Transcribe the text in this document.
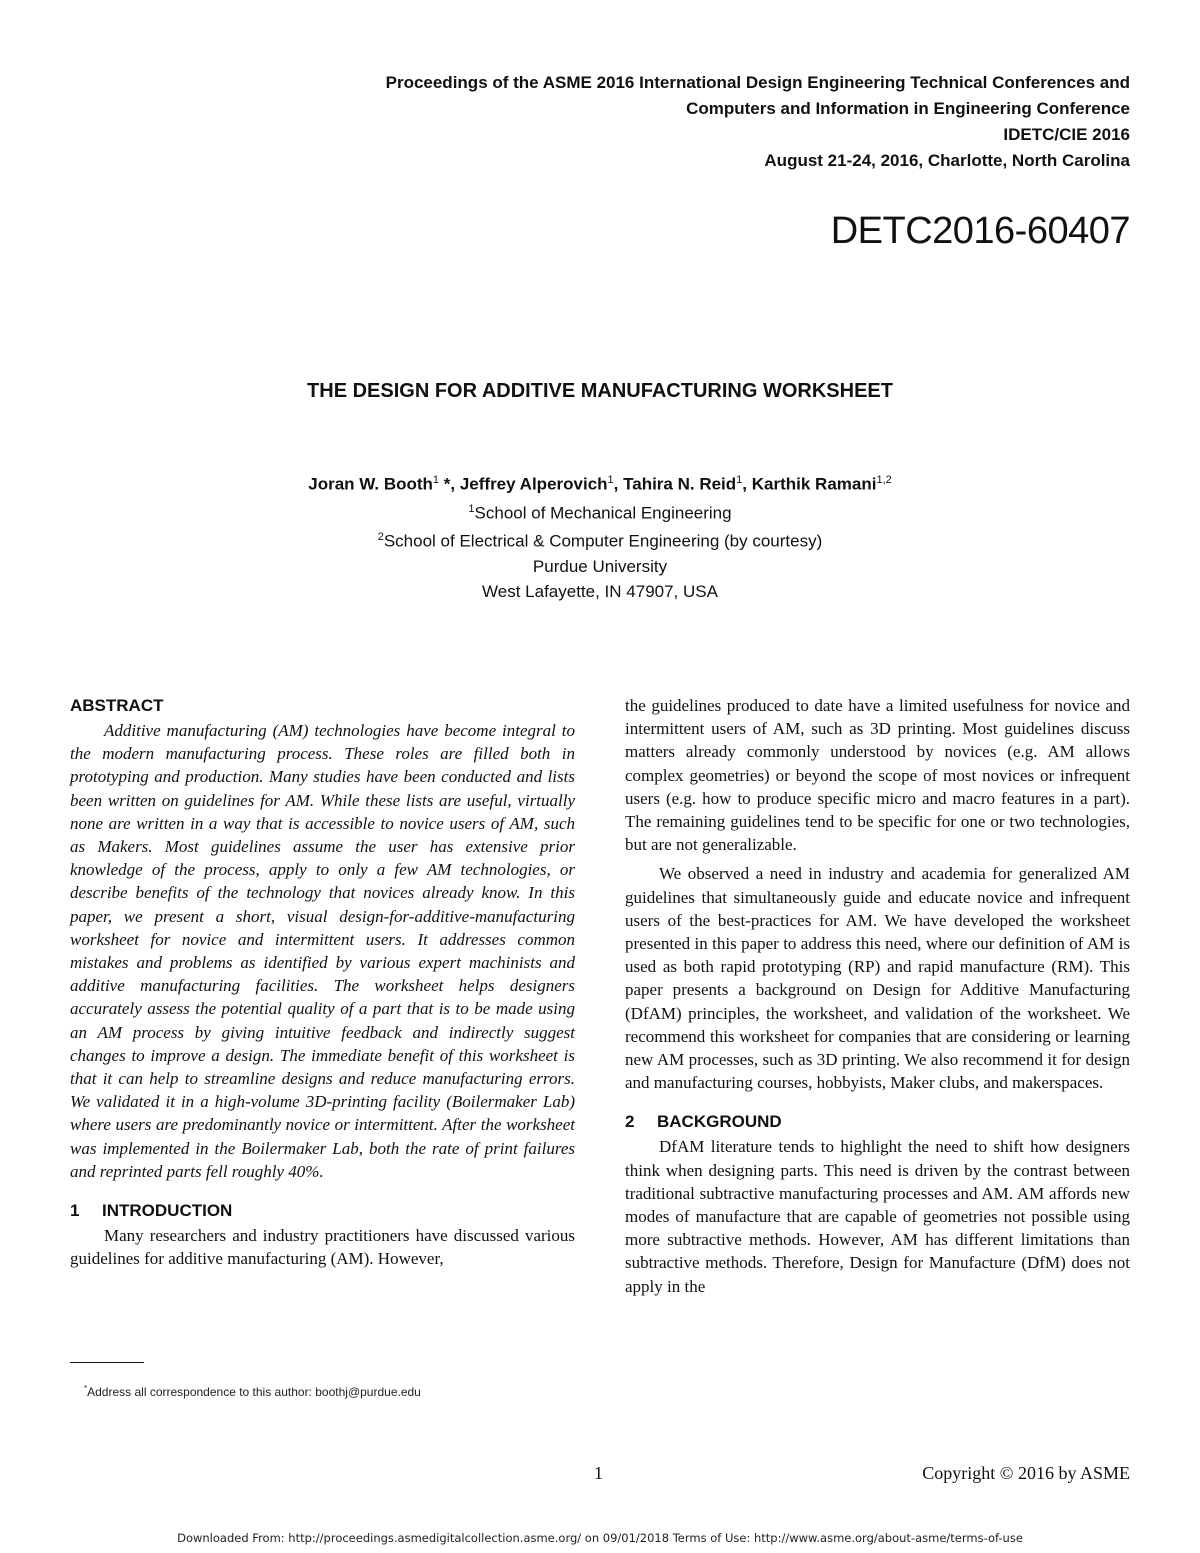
Proceedings of the ASME 2016 International Design Engineering Technical Conferences and
Computers and Information in Engineering Conference
IDETC/CIE 2016
August 21-24, 2016, Charlotte, North Carolina
DETC2016-60407
THE DESIGN FOR ADDITIVE MANUFACTURING WORKSHEET
Joran W. Booth$^1$ *, Jeffrey Alperovich$^1$, Tahira N. Reid$^1$, Karthik Ramani$^{1,2}$
$^1$School of Mechanical Engineering
$^2$School of Electrical & Computer Engineering (by courtesy)
Purdue University
West Lafayette, IN 47907, USA
ABSTRACT

Additive manufacturing (AM) technologies have become integral to the modern manufacturing process. These roles are filled both in prototyping and production. Many studies have been conducted and lists been written on guidelines for AM. While these lists are useful, virtually none are written in a way that is accessible to novice users of AM, such as Makers. Most guidelines assume the user has extensive prior knowledge of the process, apply to only a few AM technologies, or describe benefits of the technology that novices already know. In this paper, we present a short, visual design-for-additive-manufacturing worksheet for novice and intermittent users. It addresses common mistakes and problems as identified by various expert machinists and additive manufacturing facilities. The worksheet helps designers accurately assess the potential quality of a part that is to be made using an AM process by giving intuitive feedback and indirectly suggest changes to improve a design. The immediate benefit of this worksheet is that it can help to streamline designs and reduce manufacturing errors. We validated it in a high-volume 3D-printing facility (Boilermaker Lab) where users are predominantly novice or intermittent. After the worksheet was implemented in the Boilermaker Lab, both the rate of print failures and reprinted parts fell roughly 40%.

1 INTRODUCTION

Many researchers and industry practitioners have discussed various guidelines for additive manufacturing (AM). However,

the guidelines produced to date have a limited usefulness for novice and intermittent users of AM, such as 3D printing. Most guidelines discuss matters already commonly understood by novices (e.g. AM allows complex geometries) or beyond the scope of most novices or infrequent users (e.g. how to produce specific micro and macro features in a part). The remaining guidelines tend to be specific for one or two technologies, but are not generalizable.

We observed a need in industry and academia for generalized AM guidelines that simultaneously guide and educate novice and infrequent users of the best-practices for AM. We have developed the worksheet presented in this paper to address this need, where our definition of AM is used as both rapid prototyping (RP) and rapid manufacture (RM). This paper presents a background on Design for Additive Manufacturing (DfAM) principles, the worksheet, and validation of the worksheet. We recommend this worksheet for companies that are considering or learning new AM processes, such as 3D printing. We also recommend it for design and manufacturing courses, hobbyists, Maker clubs, and makerspaces.

2 BACKGROUND

DfAM literature tends to highlight the need to shift how designers think when designing parts. This need is driven by the contrast between traditional subtractive manufacturing processes and AM. AM affords new modes of manufacture that are capable of geometries not possible using more subtractive methods. However, AM has different limitations than subtractive methods. Therefore, Design for Manufacture (DfM) does not apply in the

*Address all correspondence to this author: boothj@purdue.edu
1	Copyright © 2016 by ASME
Downloaded From: http://proceedings.asmedigitalcollection.asme.org/ on 09/01/2018 Terms of Use: http://www.asme.org/about-asme/terms-of-use
